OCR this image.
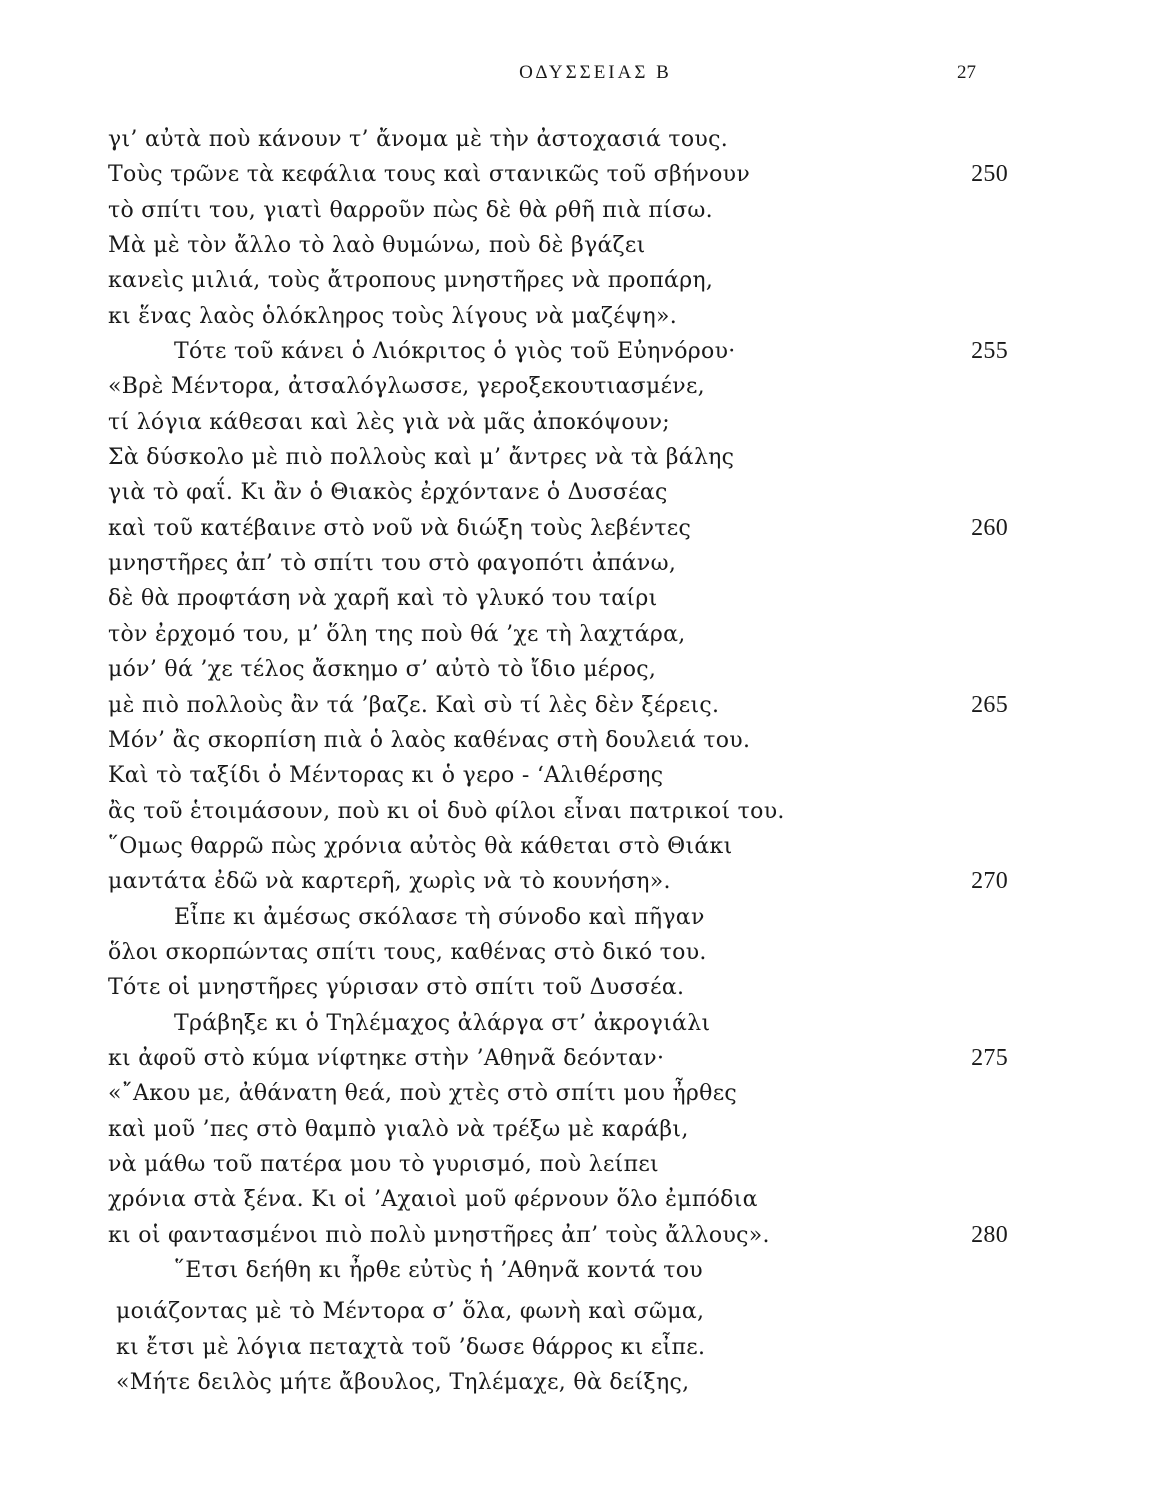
ΟΔΥΣΣΕΙΑΣ Β	27
γι’ αὐτὰ ποὺ κάνουν τ’ ἄνομα μὲ τὴν ἀστοχασιά τους.
Τοὺς τρῶνε τὰ κεφάλια τους καὶ στανικῶς τοῦ σβήνουν	250
τὸ σπίτι του, γιατὶ θαρροῦν πὼς δὲ θὰ ρθῆ πιὰ πίσω.
Μὰ μὲ τὸν ἄλλο τὸ λαὸ θυμώνω, ποὺ δὲ βγάζει
κανεὶς μιλιά, τοὺς ἄτροπους μνηστῆρες νὰ προπάρη,
κι ἕνας λαὸς ὁλόκληρος τοὺς λίγους νὰ μαζέψη».
Τότε τοῦ κάνει ὁ Λιόκριτος ὁ γιὸς τοῦ Εὐηνόρου·	255
«Βρὲ Μέντορα, ἀτσαλόγλωσσε, γεροξεκουτιασμένε,
τί λόγια κάθεσαι καὶ λὲς γιὰ νὰ μᾶς ἀποκόψουν;
Σὰ δύσκολο μὲ πιὸ πολλοὺς καὶ μ’ ἄντρες νὰ τὰ βάλης
γιὰ τὸ φαΐ. Κι ἂν ὁ Θιακὸς ἐρχόντανε ὁ Δυσσέας
καὶ τοῦ κατέβαινε στὸ νοῦ νὰ διώξη τοὺς λεβέντες	260
μνηστῆρες ἀπ’ τὸ σπίτι του στὸ φαγοπότι ἀπάνω,
δὲ θὰ προφτάση νὰ χαρῆ καὶ τὸ γλυκό του ταίρι
τὸν ἐρχομό του, μ’ ὅλη της ποὺ θά ’χε τὴ λαχτάρα,
μόν’ θά ’χε τέλος ἄσκημο σ’ αὐτὸ τὸ ἴδιο μέρος,
μὲ πιὸ πολλοὺς ἂν τά ’βαζε. Καὶ σὺ τί λὲς δὲν ξέρεις.	265
Μόν’ ἂς σκορπίση πιὰ ὁ λαὸς καθένας στὴ δουλειά του.
Καὶ τὸ ταξίδι ὁ Μέντορας κι ὁ γερο - ‘Αλιθέρσης
ἂς τοῦ ἑτοιμάσουν, ποὺ κι οἱ δυὸ φίλοι εἶναι πατρικοί του.
῞Ομως θαρρῶ πὼς χρόνια αὐτὸς θὰ κάθεται στὸ Θιάκι
μαντάτα ἐδῶ νὰ καρτερῆ, χωρὶς νὰ τὸ κουνήση».	270
Εἶπε κι ἀμέσως σκόλασε τὴ σύνοδο καὶ πῆγαν
ὅλοι σκορπώντας σπίτι τους, καθένας στὸ δικό του.
Τότε οἱ μνηστῆρες γύρισαν στὸ σπίτι τοῦ Δυσσέα.
Τράβηξε κι ὁ Τηλέμαχος ἀλάργα στ’ ἀκρογιάλι
κι ἀφοῦ στὸ κύμα νίφτηκε στὴν ’Αθηνᾶ δεόνταν·	275
«῎Ακου με, ἀθάνατη θεά, ποὺ χτὲς στὸ σπίτι μου ἦρθες
καὶ μοῦ ’πες στὸ θαμπὸ γιαλὸ νὰ τρέξω μὲ καράβι,
νὰ μάθω τοῦ πατέρα μου τὸ γυρισμό, ποὺ λείπει
χρόνια στὰ ξένα. Κι οἱ ’Αχαιοὶ μοῦ φέρνουν ὅλο ἐμπόδια
κι οἱ φαντασμένοι πιὸ πολὺ μνηστῆρες ἀπ’ τοὺς ἄλλους».	280
῞Ετσι δεήθη κι ἦρθε εὐτὺς ἡ ’Αθηνᾶ κοντά του
μοιάζοντας μὲ τὸ Μέντορα σ’ ὅλα, φωνὴ καὶ σῶμα,
κι ἔτσι μὲ λόγια πεταχτὰ τοῦ ’δωσε θάρρος κι εἶπε.
«Μήτε δειλὸς μήτε ἄβουλος, Τηλέμαχε, θὰ δείξης,
